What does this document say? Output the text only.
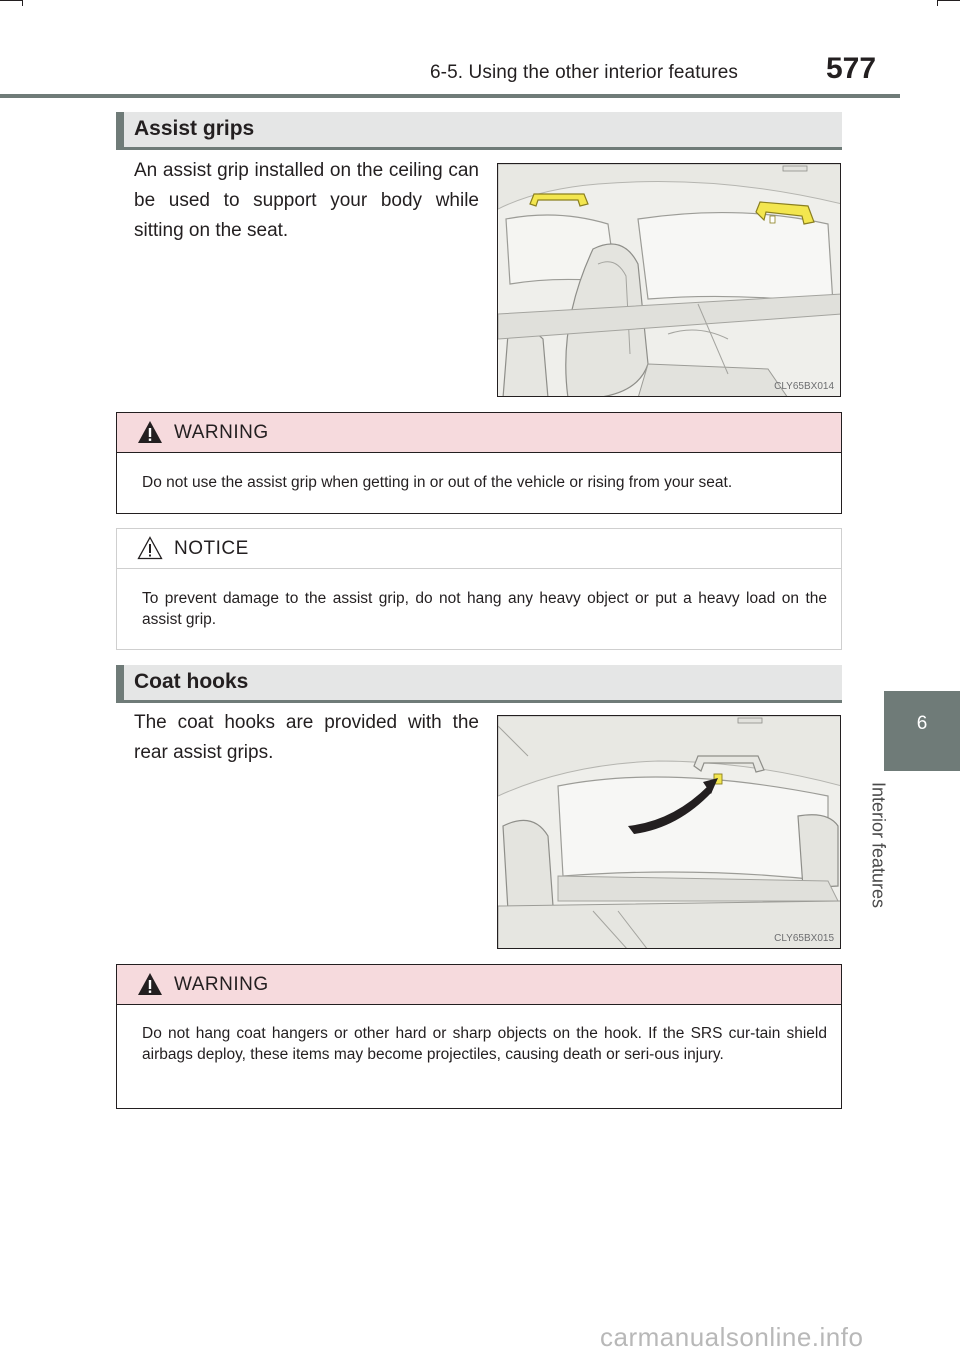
6-5. Using the other interior features	577
6
Interior features
Assist grips
An assist grip installed on the ceiling can be used to support your body while sitting on the seat.
CLY65BX014
WARNING
Do not use the assist grip when getting in or out of the vehicle or rising from your seat.
NOTICE
To prevent damage to the assist grip, do not hang any heavy object or put a heavy load on the assist grip.
Coat hooks
The coat hooks are provided with the rear assist grips.
CLY65BX015
WARNING
Do not hang coat hangers or other hard or sharp objects on the hook. If the SRS cur-tain shield airbags deploy, these items may become projectiles, causing death or seri-ous injury.
carmanualsonline.info
